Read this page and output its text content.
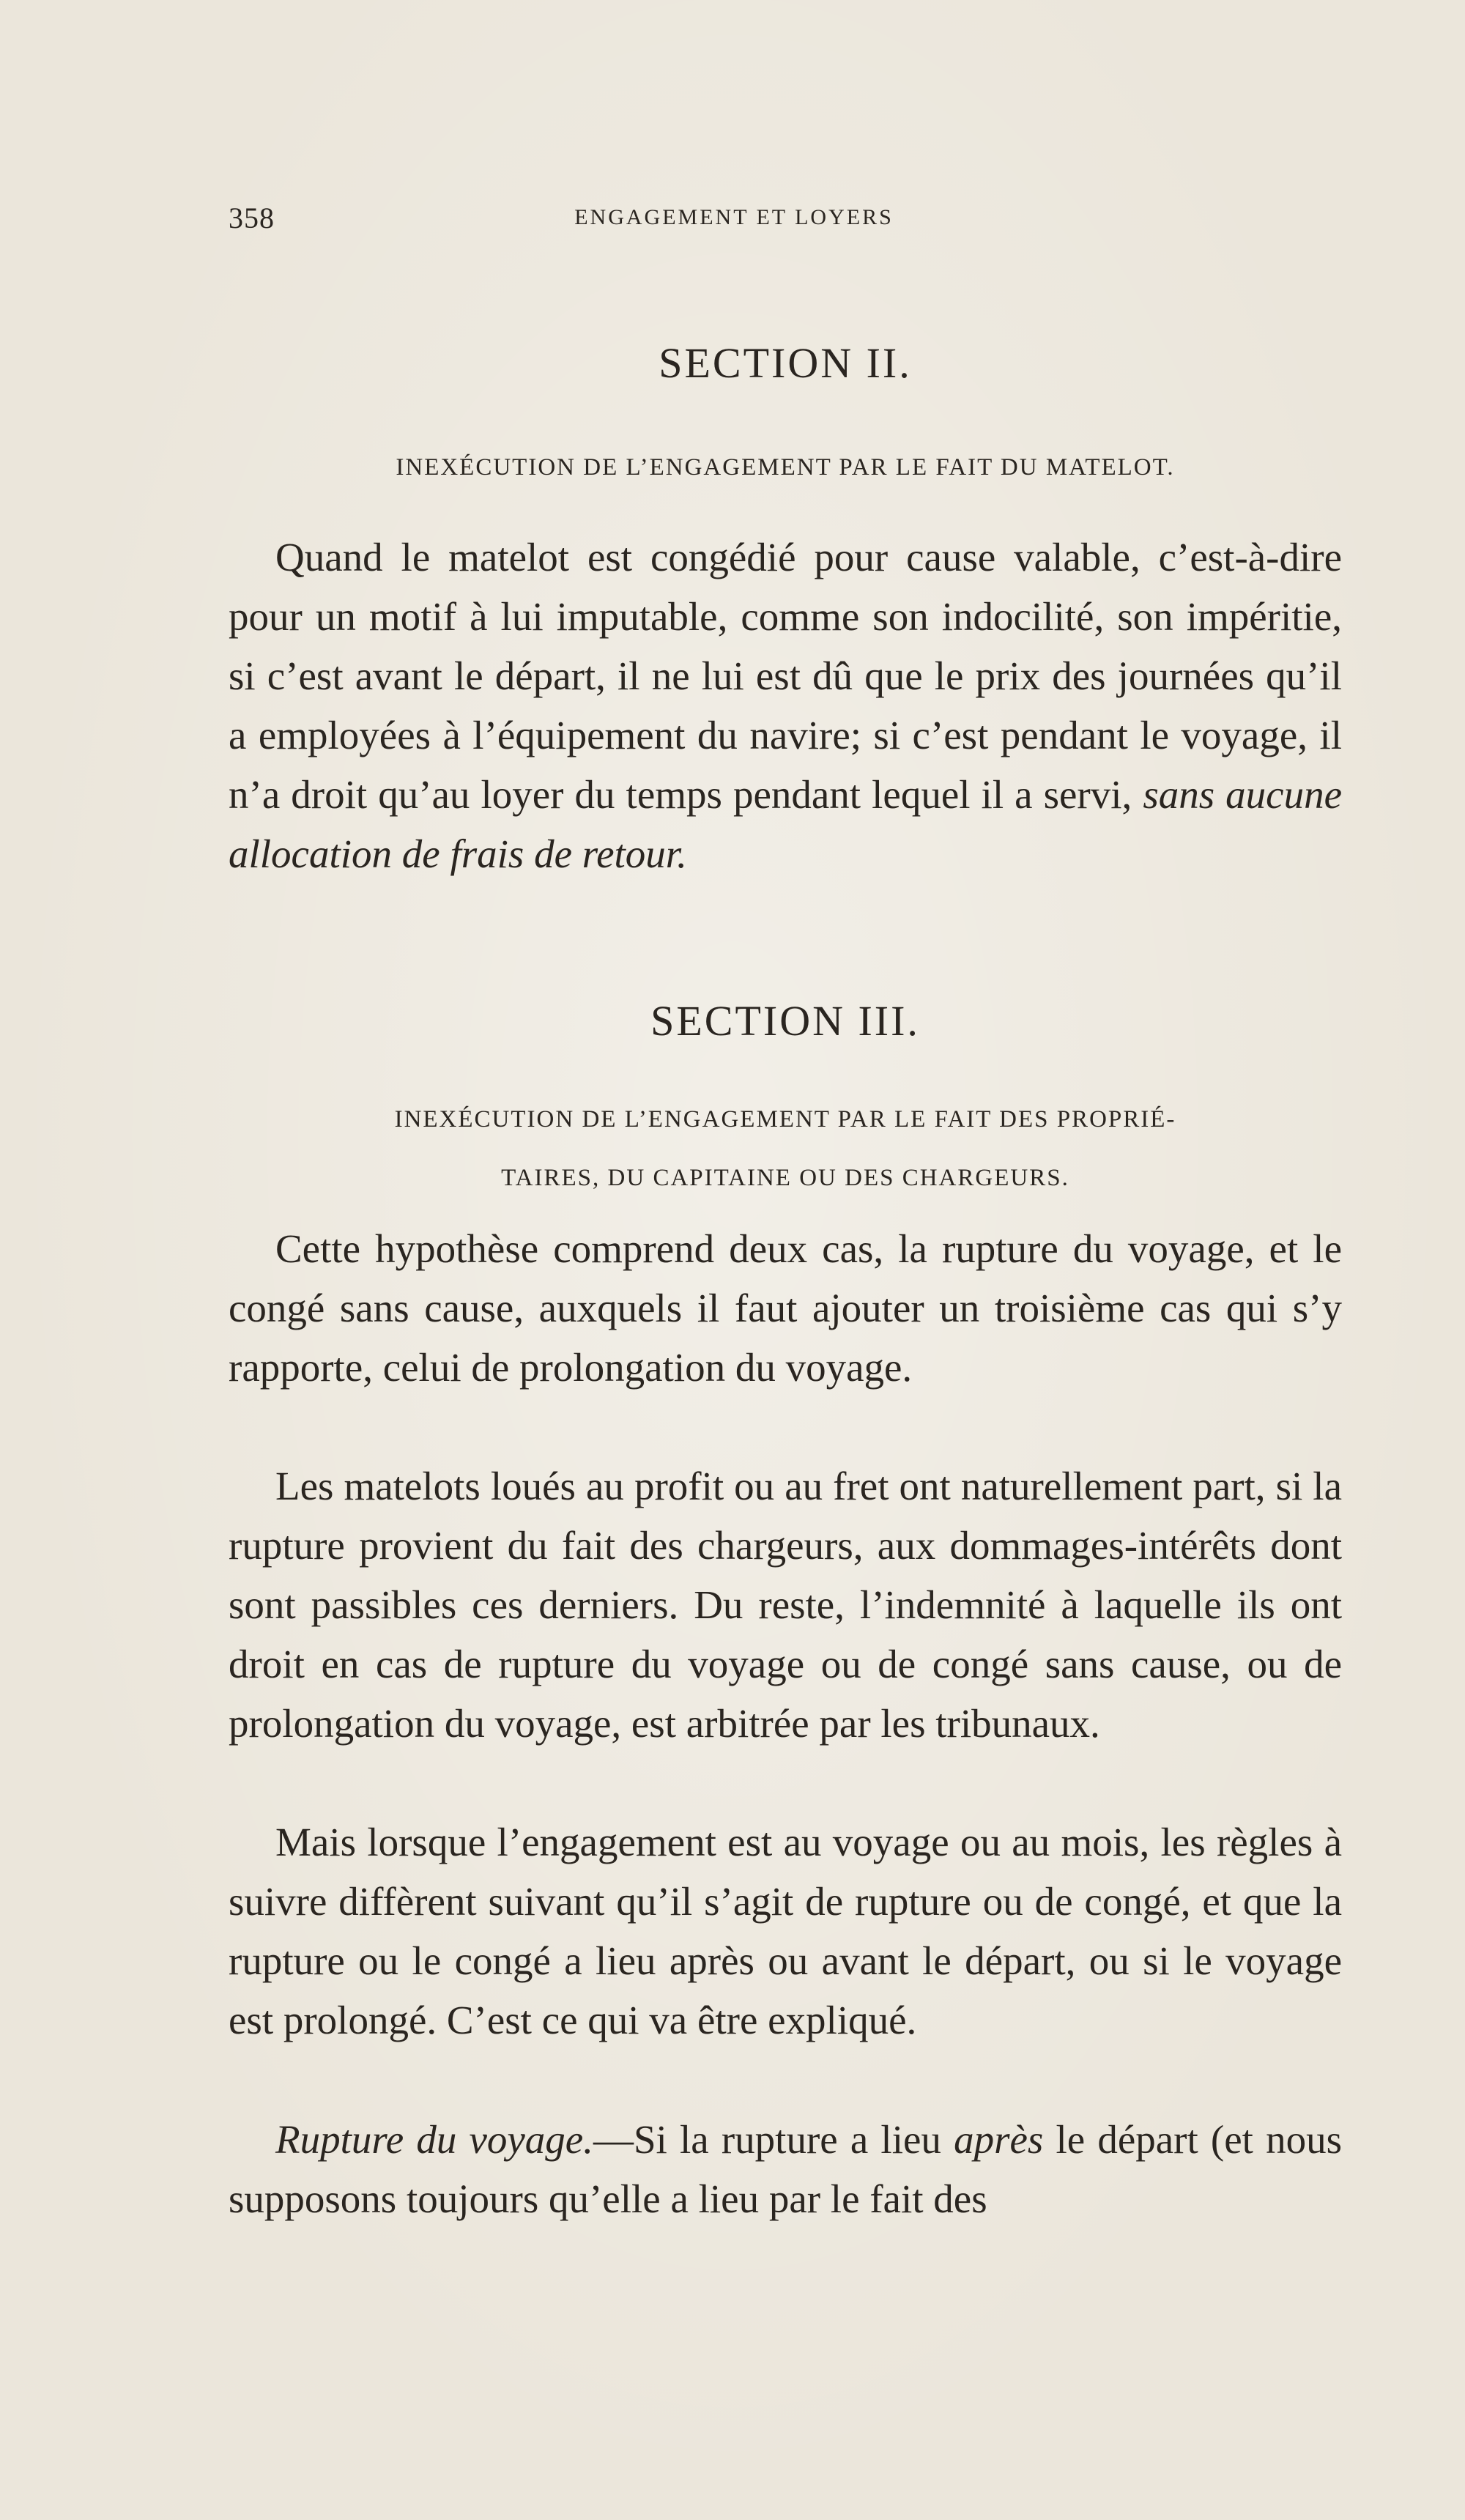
358	ENGAGEMENT ET LOYERS
SECTION II.
INEXÉCUTION DE L’ENGAGEMENT PAR LE FAIT DU MATELOT.

Quand le matelot est congédié pour cause valable, c’est-à-dire pour un motif à lui imputable, comme son indocilité, son impéritie, si c’est avant le départ, il ne lui est dû que le prix des journées qu’il a employées à l’équipement du navire; si c’est pendant le voyage, il n’a droit qu’au loyer du temps pendant lequel il a servi, sans aucune allocation de frais de retour.

SECTION III.
INEXÉCUTION DE L’ENGAGEMENT PAR LE FAIT DES PROPRIÉ-
TAIRES, DU CAPITAINE OU DES CHARGEURS.

Cette hypothèse comprend deux cas, la rupture du voyage, et le congé sans cause, auxquels il faut ajouter un troisième cas qui s’y rapporte, celui de prolongation du voyage.

Les matelots loués au profit ou au fret ont naturellement part, si la rupture provient du fait des chargeurs, aux dommages-intérêts dont sont passibles ces derniers. Du reste, l’indemnité à laquelle ils ont droit en cas de rupture du voyage ou de congé sans cause, ou de prolongation du voyage, est arbitrée par les tribunaux.

Mais lorsque l’engagement est au voyage ou au mois, les règles à suivre diffèrent suivant qu’il s’agit de rupture ou de congé, et que la rupture ou le congé a lieu après ou avant le départ, ou si le voyage est prolongé. C’est ce qui va être expliqué.

Rupture du voyage.—Si la rupture a lieu après le départ (et nous supposons toujours qu’elle a lieu par le fait des
